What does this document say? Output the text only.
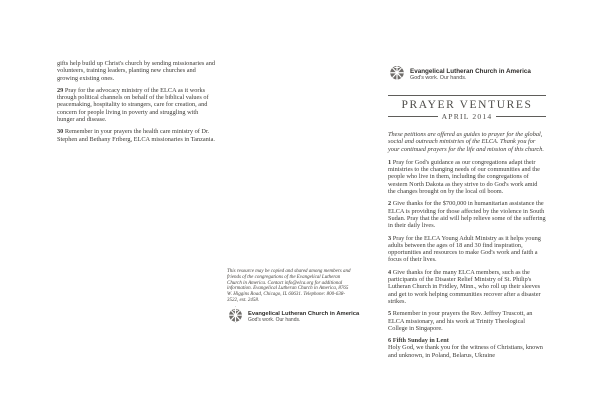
gifts help build up Christ's church by sending missionaries and volunteers, training leaders, planting new churches and growing existing ones.

29 Pray for the advocacy ministry of the ELCA as it works through political channels on behalf of the biblical values of peacemaking, hospitality to strangers, care for creation, and concern for people living in poverty and struggling with hunger and disease.

30 Remember in your prayers the health care ministry of Dr. Stephen and Bethany Friberg, ELCA missionaries in Tanzania.

This resource may be copied and shared among members and friends of the congregations of the Evangelical Lutheran Church in America. Contact info@elca.org for additional information. Evangelical Lutheran Church in America, 8765 W. Higgins Road, Chicago, IL 60631. Telephone: 800-638-3522, ext. 2458.
Evangelical Lutheran Church in America
God's work. Our hands.
Evangelical Lutheran Church in America
God's work. Our hands.
PRAYER VENTURES
APRIL 2014
These petitions are offered as guides to prayer for the global, social and outreach ministries of the ELCA. Thank you for your continued prayers for the life and mission of this church.

1 Pray for God's guidance as our congregations adapt their ministries to the changing needs of our communities and the people who live in them, including the congregations of western North Dakota as they strive to do God's work amid the changes brought on by the local oil boom.

2 Give thanks for the $700,000 in humanitarian assistance the ELCA is providing for those affected by the violence in South Sudan. Pray that the aid will help relieve some of the suffering in their daily lives.

3 Pray for the ELCA Young Adult Ministry as it helps young adults between the ages of 18 and 30 find inspiration, opportunities and resources to make God's work and faith a focus of their lives.

4 Give thanks for the many ELCA members, such as the participants of the Disaster Relief Ministry of St. Philip's Lutheran Church in Fridley, Minn., who roll up their sleeves and get to work helping communities recover after a disaster strikes.

5 Remember in your prayers the Rev. Jeffrey Truscott, an ELCA missionary, and his work at Trinity Theological College in Singapore.

6 Fifth Sunday in Lent
Holy God, we thank you for the witness of Christians, known and unknown, in Poland, Belarus, Ukraine
